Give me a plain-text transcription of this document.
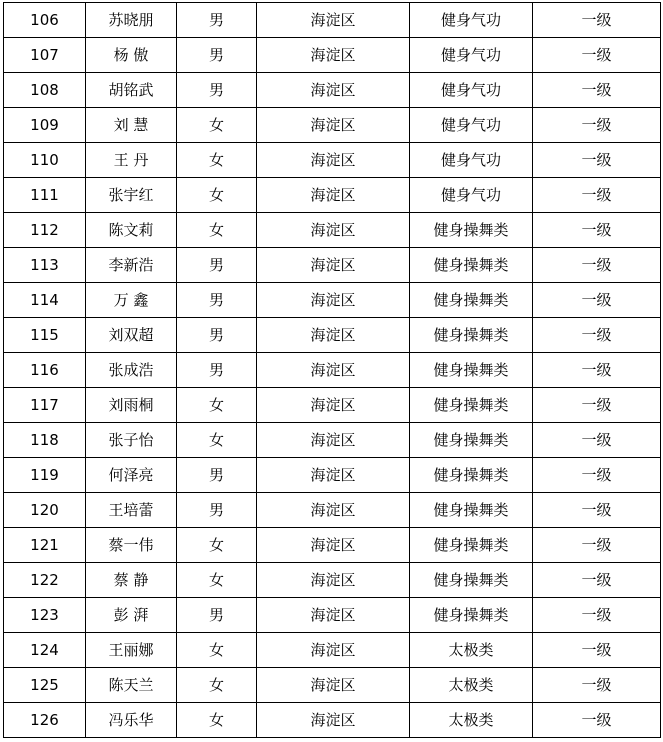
106	苏晓朋	男	海淀区	健身气功	一级
107	杨 傲	男	海淀区	健身气功	一级
108	胡铭武	男	海淀区	健身气功	一级
109	刘 慧	女	海淀区	健身气功	一级
110	王 丹	女	海淀区	健身气功	一级
111	张宇红	女	海淀区	健身气功	一级
112	陈文莉	女	海淀区	健身操舞类	一级
113	李新浩	男	海淀区	健身操舞类	一级
114	万 鑫	男	海淀区	健身操舞类	一级
115	刘双超	男	海淀区	健身操舞类	一级
116	张成浩	男	海淀区	健身操舞类	一级
117	刘雨桐	女	海淀区	健身操舞类	一级
118	张子怡	女	海淀区	健身操舞类	一级
119	何泽亮	男	海淀区	健身操舞类	一级
120	王培蕾	男	海淀区	健身操舞类	一级
121	蔡一伟	女	海淀区	健身操舞类	一级
122	蔡 静	女	海淀区	健身操舞类	一级
123	彭 湃	男	海淀区	健身操舞类	一级
124	王丽娜	女	海淀区	太极类	一级
125	陈天兰	女	海淀区	太极类	一级
126	冯乐华	女	海淀区	太极类	一级
